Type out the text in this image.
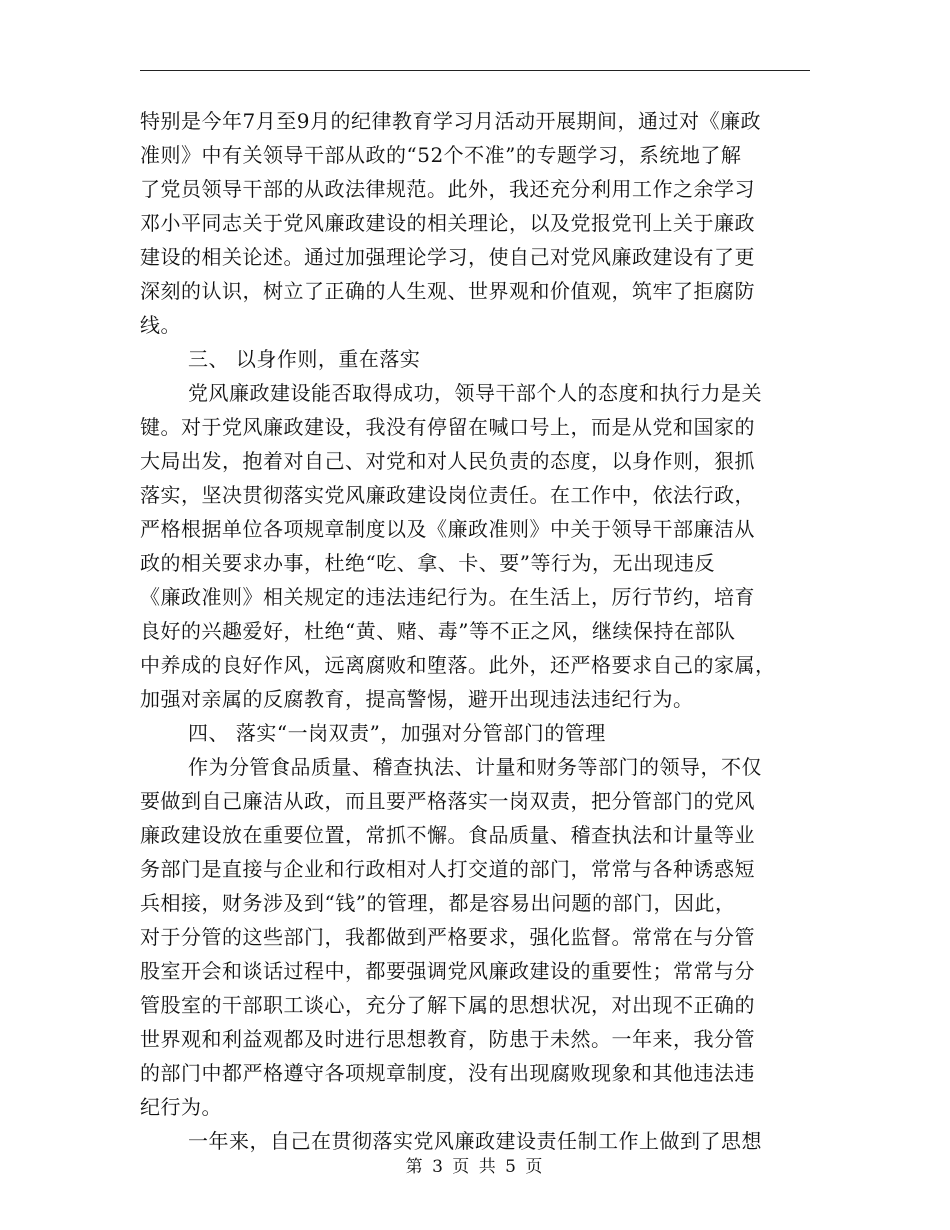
特别是今年7月至9月的纪律教育学习月活动开展期间，通过对《廉政
准则》中有关领导干部从政的“52个不准”的专题学习，系统地了解
了党员领导干部的从政法律规范。此外，我还充分利用工作之余学习
邓小平同志关于党风廉政建设的相关理论，以及党报党刊上关于廉政
建设的相关论述。通过加强理论学习，使自己对党风廉政建设有了更
深刻的认识，树立了正确的人生观、世界观和价值观，筑牢了拒腐防
线。
三、 以身作则，重在落实
党风廉政建设能否取得成功，领导干部个人的态度和执行力是关
键。对于党风廉政建设，我没有停留在喊口号上，而是从党和国家的
大局出发，抱着对自己、对党和对人民负责的态度，以身作则，狠抓
落实，坚决贯彻落实党风廉政建设岗位责任。在工作中，依法行政，
严格根据单位各项规章制度以及《廉政准则》中关于领导干部廉洁从
政的相关要求办事，杜绝“吃、拿、卡、要”等行为，无出现违反
《廉政准则》相关规定的违法违纪行为。在生活上，厉行节约，培育
良好的兴趣爱好，杜绝“黄、赌、毒”等不正之风，继续保持在部队
中养成的良好作风，远离腐败和堕落。此外，还严格要求自己的家属，
加强对亲属的反腐教育，提高警惕，避开出现违法违纪行为。
四、 落实“一岗双责”，加强对分管部门的管理
作为分管食品质量、稽查执法、计量和财务等部门的领导，不仅
要做到自己廉洁从政，而且要严格落实一岗双责，把分管部门的党风
廉政建设放在重要位置，常抓不懈。食品质量、稽查执法和计量等业
务部门是直接与企业和行政相对人打交道的部门，常常与各种诱惑短
兵相接，财务涉及到“钱”的管理，都是容易出问题的部门，因此，
对于分管的这些部门，我都做到严格要求，强化监督。常常在与分管
股室开会和谈话过程中，都要强调党风廉政建设的重要性；常常与分
管股室的干部职工谈心，充分了解下属的思想状况，对出现不正确的
世界观和利益观都及时进行思想教育，防患于未然。一年来，我分管
的部门中都严格遵守各项规章制度，没有出现腐败现象和其他违法违
纪行为。
一年来，自己在贯彻落实党风廉政建设责任制工作上做到了思想
第 3 页 共 5 页
